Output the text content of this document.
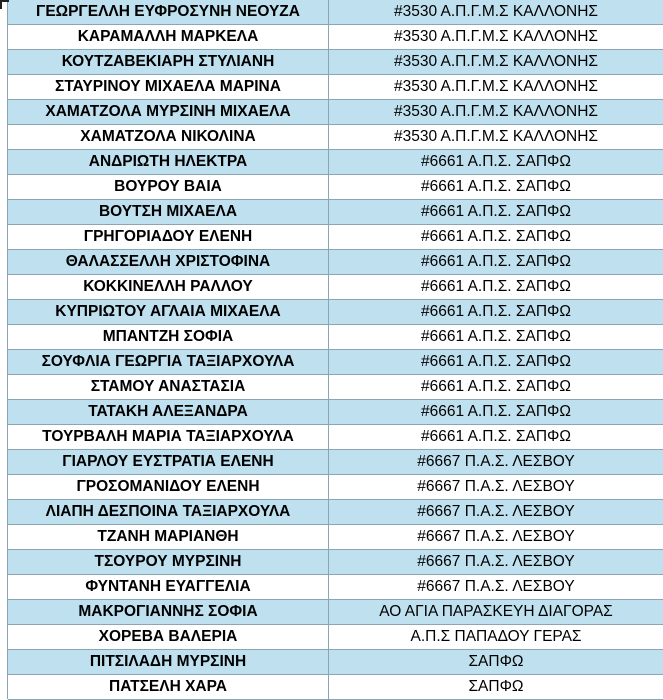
ΓΕΩΡΓΕΛΛΗ ΕΥΦΡΟΣΥΝΗ ΝΕΟΥΖΑ	#3530 Α.Π.Γ.Μ.Σ ΚΑΛΛΟΝΗΣ
ΚΑΡΑΜΑΛΛΗ ΜΑΡΚΕΛΑ	#3530 Α.Π.Γ.Μ.Σ ΚΑΛΛΟΝΗΣ
ΚΟΥΤΖΑΒΕΚΙΑΡΗ ΣΤΥΛΙΑΝΗ	#3530 Α.Π.Γ.Μ.Σ ΚΑΛΛΟΝΗΣ
ΣΤΑΥΡΙΝΟΥ ΜΙΧΑΕΛΑ ΜΑΡΙΝΑ	#3530 Α.Π.Γ.Μ.Σ ΚΑΛΛΟΝΗΣ
ΧΑΜΑΤΖΟΛΑ ΜΥΡΣΙΝΗ ΜΙΧΑΕΛΑ	#3530 Α.Π.Γ.Μ.Σ ΚΑΛΛΟΝΗΣ
ΧΑΜΑΤΖΟΛΑ ΝΙΚΟΛΙΝΑ	#3530 Α.Π.Γ.Μ.Σ ΚΑΛΛΟΝΗΣ
ΑΝΔΡΙΩΤΗ ΗΛΕΚΤΡΑ	#6661 Α.Π.Σ. ΣΑΠΦΩ
ΒΟΥΡΟΥ ΒΑΙΑ	#6661 Α.Π.Σ. ΣΑΠΦΩ
ΒΟΥΤΣΗ ΜΙΧΑΕΛΑ	#6661 Α.Π.Σ. ΣΑΠΦΩ
ΓΡΗΓΟΡΙΑΔΟΥ ΕΛΕΝΗ	#6661 Α.Π.Σ. ΣΑΠΦΩ
ΘΑΛΑΣΣΕΛΛΗ ΧΡΙΣΤΟΦΙΝΑ	#6661 Α.Π.Σ. ΣΑΠΦΩ
ΚΟΚΚΙΝΕΛΛΗ ΡΑΛΛΟΥ	#6661 Α.Π.Σ. ΣΑΠΦΩ
ΚΥΠΡΙΩΤΟΥ ΑΓΛΑΙΑ ΜΙΧΑΕΛΑ	#6661 Α.Π.Σ. ΣΑΠΦΩ
ΜΠΑΝΤΖΗ ΣΟΦΙΑ	#6661 Α.Π.Σ. ΣΑΠΦΩ
ΣΟΥΦΛΙΑ ΓΕΩΡΓΙΑ ΤΑΞΙΑΡΧΟΥΛΑ	#6661 Α.Π.Σ. ΣΑΠΦΩ
ΣΤΑΜΟΥ ΑΝΑΣΤΑΣΙΑ	#6661 Α.Π.Σ. ΣΑΠΦΩ
ΤΑΤΑΚΗ ΑΛΕΞΑΝΔΡΑ	#6661 Α.Π.Σ. ΣΑΠΦΩ
ΤΟΥΡΒΑΛΗ ΜΑΡΙΑ ΤΑΞΙΑΡΧΟΥΛΑ	#6661 Α.Π.Σ. ΣΑΠΦΩ
ΓΙΑΡΛΟΥ ΕΥΣΤΡΑΤΙΑ ΕΛΕΝΗ	#6667 Π.Α.Σ. ΛΕΣΒΟΥ
ΓΡΟΣΟΜΑΝΙΔΟΥ ΕΛΕΝΗ	#6667 Π.Α.Σ. ΛΕΣΒΟΥ
ΛΙΑΠΗ ΔΕΣΠΟΙΝΑ ΤΑΞΙΑΡΧΟΥΛΑ	#6667 Π.Α.Σ. ΛΕΣΒΟΥ
ΤΖΑΝΗ ΜΑΡΙΑΝΘΗ	#6667 Π.Α.Σ. ΛΕΣΒΟΥ
ΤΣΟΥΡΟΥ ΜΥΡΣΙΝΗ	#6667 Π.Α.Σ. ΛΕΣΒΟΥ
ΦΥΝΤΑΝΗ ΕΥΑΓΓΕΛΙΑ	#6667 Π.Α.Σ. ΛΕΣΒΟΥ
ΜΑΚΡΟΓΙΑΝΝΗΣ ΣΟΦΙΑ	ΑΟ ΑΓΙΑ ΠΑΡΑΣΚΕΥΗ ΔΙΑΓΟΡΑΣ
ΧΟΡΕΒΑ ΒΑΛΕΡΙΑ	Α.Π.Σ ΠΑΠΑΔΟΥ ΓΕΡΑΣ
ΠΙΤΣΙΛΑΔΗ ΜΥΡΣΙΝΗ	ΣΑΠΦΩ
ΠΑΤΣΕΛΗ ΧΑΡΑ	ΣΑΠΦΩ
